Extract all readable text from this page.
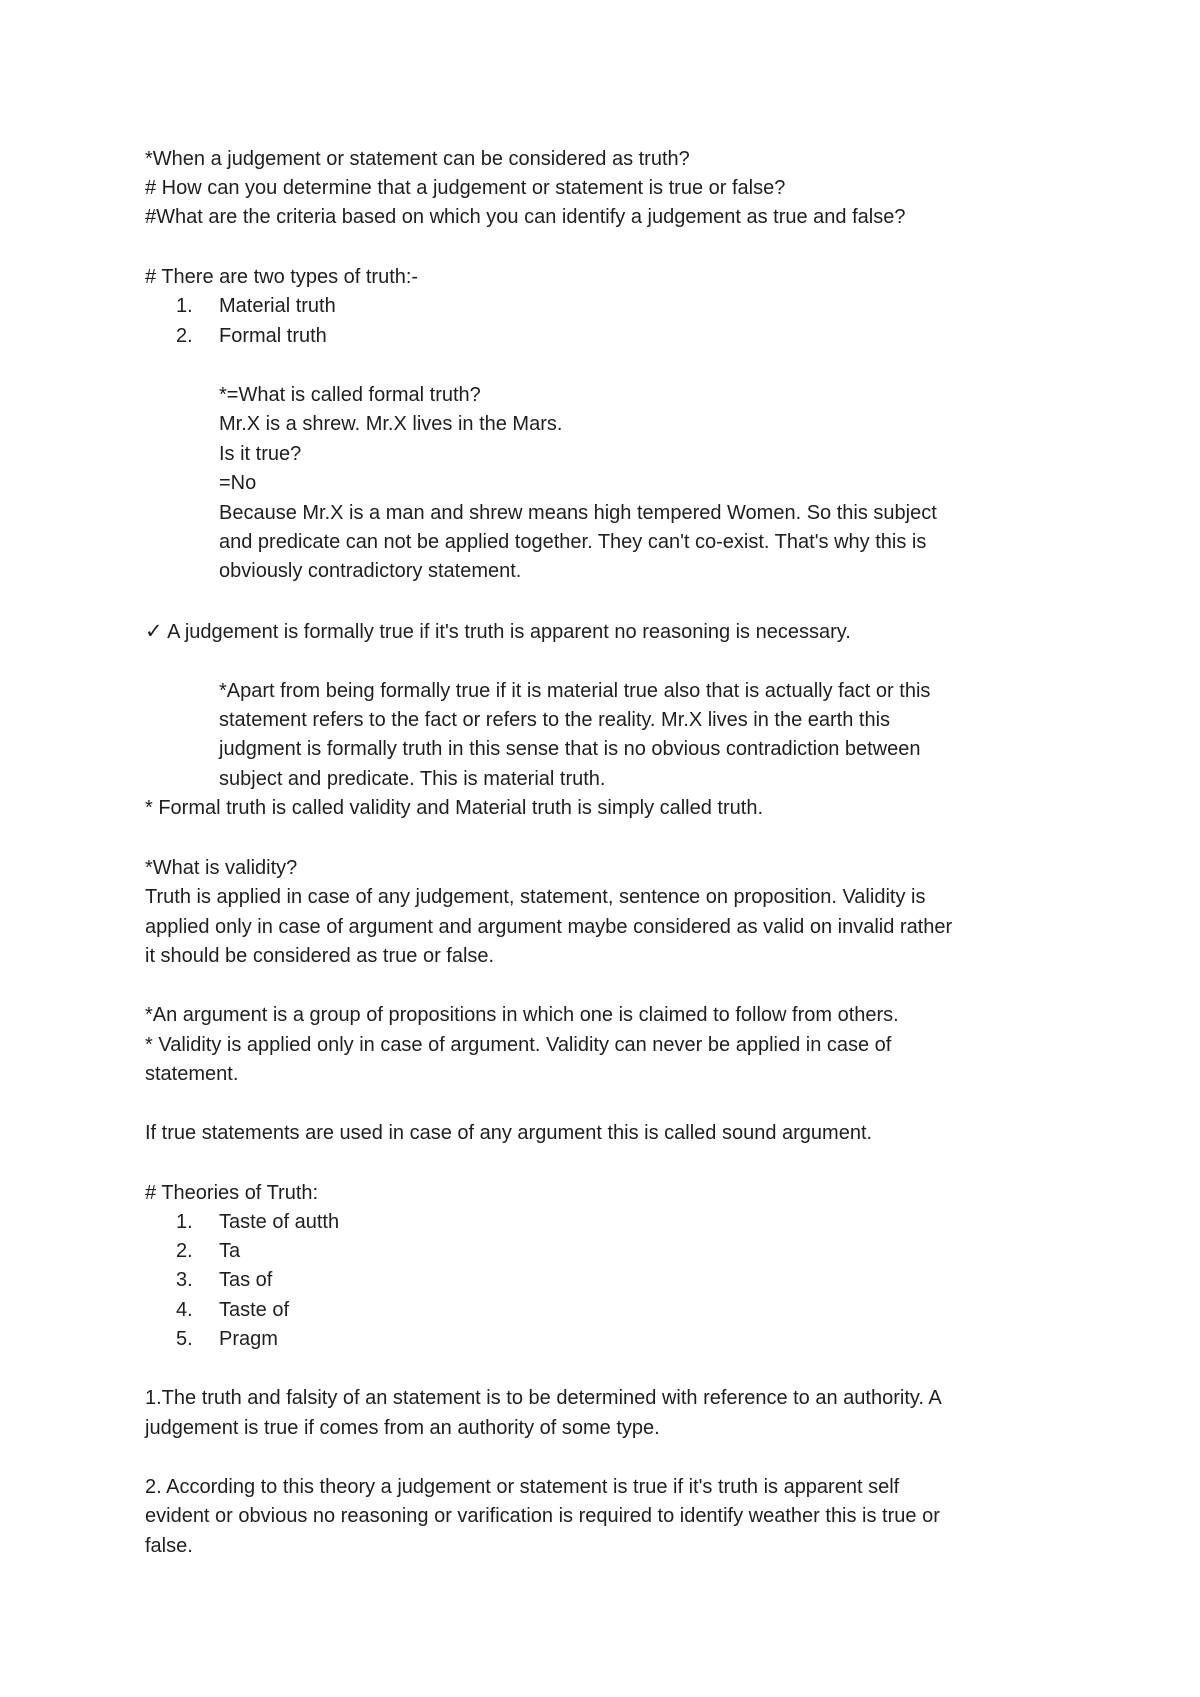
*When a judgement or statement can be considered as truth?
# How can you determine that a judgement or statement is true or false?
#What are the criteria based on which you can identify a judgement as true and false?
# There are two types of truth:-
1.	Material truth
2.	Formal truth
*=What is called formal truth?
Mr.X is a shrew. Mr.X lives in the Mars.
Is it true?
=No
Because Mr.X is a man and shrew means high tempered Women. So this subject
and predicate can not be applied together. They can't co-exist. That's why this is
obviously contradictory statement.
✓ A judgement is formally true if it's truth is apparent no reasoning is necessary.
*Apart from being formally true if it is material true also that is actually fact or this
statement refers to the fact or refers to the reality. Mr.X lives in the earth this
judgment is formally truth in this sense that is no obvious contradiction between
subject and predicate. This is material truth.
* Formal truth is called validity and Material truth is simply called truth.
*What is validity?
Truth is applied in case of any judgement, statement, sentence on proposition. Validity is
applied only in case of argument and argument maybe considered as valid on invalid rather
it should be considered as true or false.
*An argument is a group of propositions in which one is claimed to follow from others.
* Validity is applied only in case of argument. Validity can never be applied in case of
statement.
If true statements are used in case of any argument this is called sound argument.
# Theories of Truth:
1.	Taste of autth
2.	Ta
3.	Tas of
4.	Taste of
5.	Pragm
1.The truth and falsity of an statement is to be determined with reference to an authority. A
judgement is true if comes from an authority of some type.
2. According to this theory a judgement or statement is true if it's truth is apparent self
evident or obvious no reasoning or varification is required to identify weather this is true or
false.
